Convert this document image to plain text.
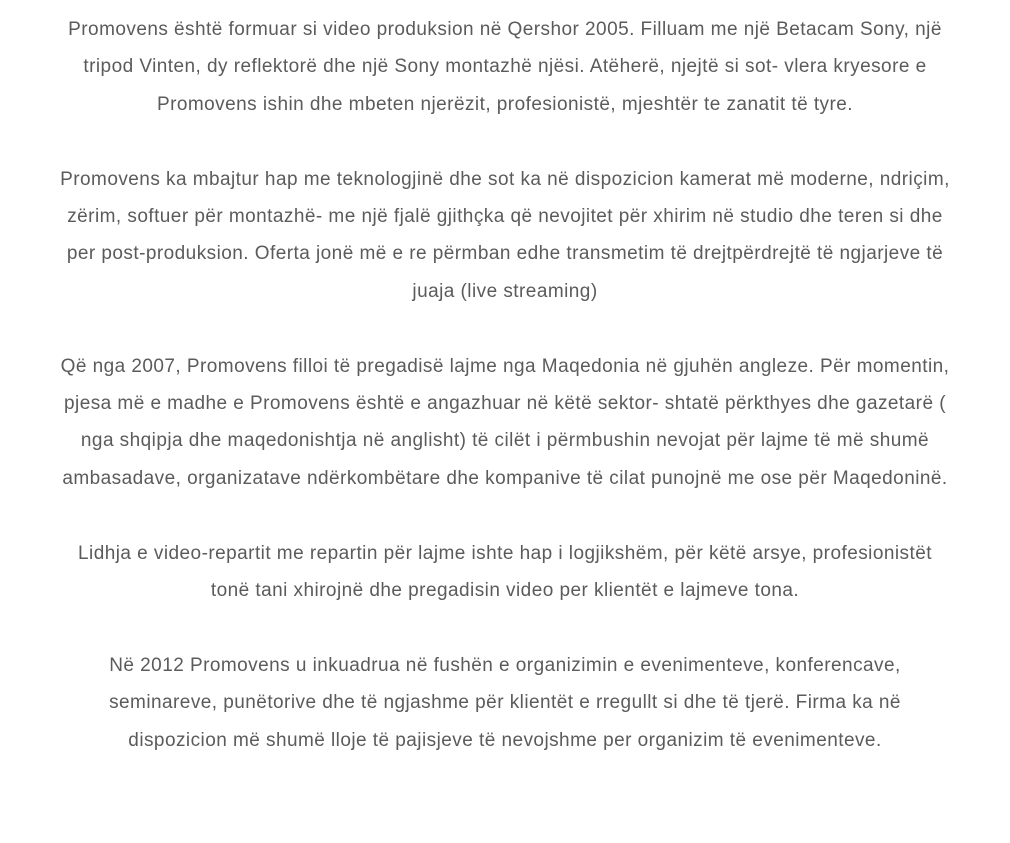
Promovens është formuar si video produksion në Qershor 2005. Filluam me një Betacam Sony, një tripod Vinten, dy reflektorë dhe një Sony montazhë njësi. Atëherë, njejtë si sot- vlera kryesore e Promovens ishin dhe mbeten njerëzit, profesionistë, mjeshtër te zanatit të tyre.

Promovens ka mbajtur hap me teknologjinë dhe sot ka në dispozicion kamerat më moderne, ndriçim, zërim, softuer për montazhë- me një fjalë gjithçka që nevojitet për xhirim në studio dhe teren si dhe per post-produksion. Oferta jonë më e re përmban edhe transmetim të drejtpërdrejtë të ngjarjeve të juaja (live streaming)

Që nga 2007, Promovens filloi të pregadisë lajme nga Maqedonia në gjuhën angleze. Për momentin, pjesa më e madhe e Promovens është e angazhuar në këtë sektor- shtatë përkthyes dhe gazetarë ( nga shqipja dhe maqedonishtja në anglisht) të cilët i përmbushin nevojat për lajme të më shumë ambasadave, organizatave ndërkombëtare dhe kompanive të cilat punojnë me ose për Maqedoninë.

Lidhja e video-repartit me repartin për lajme ishte hap i logjikshëm, për këtë arsye, profesionistët tonë tani xhirojnë dhe pregadisin video per klientët e lajmeve tona.

Në 2012 Promovens u inkuadrua në fushën e organizimin e evenimenteve, konferencave, seminareve, punëtorive dhe të ngjashme për klientët e rregullt si dhe të tjerë. Firma ka në dispozicion më shumë lloje të pajisjeve të nevojshme per organizim të evenimenteve.
